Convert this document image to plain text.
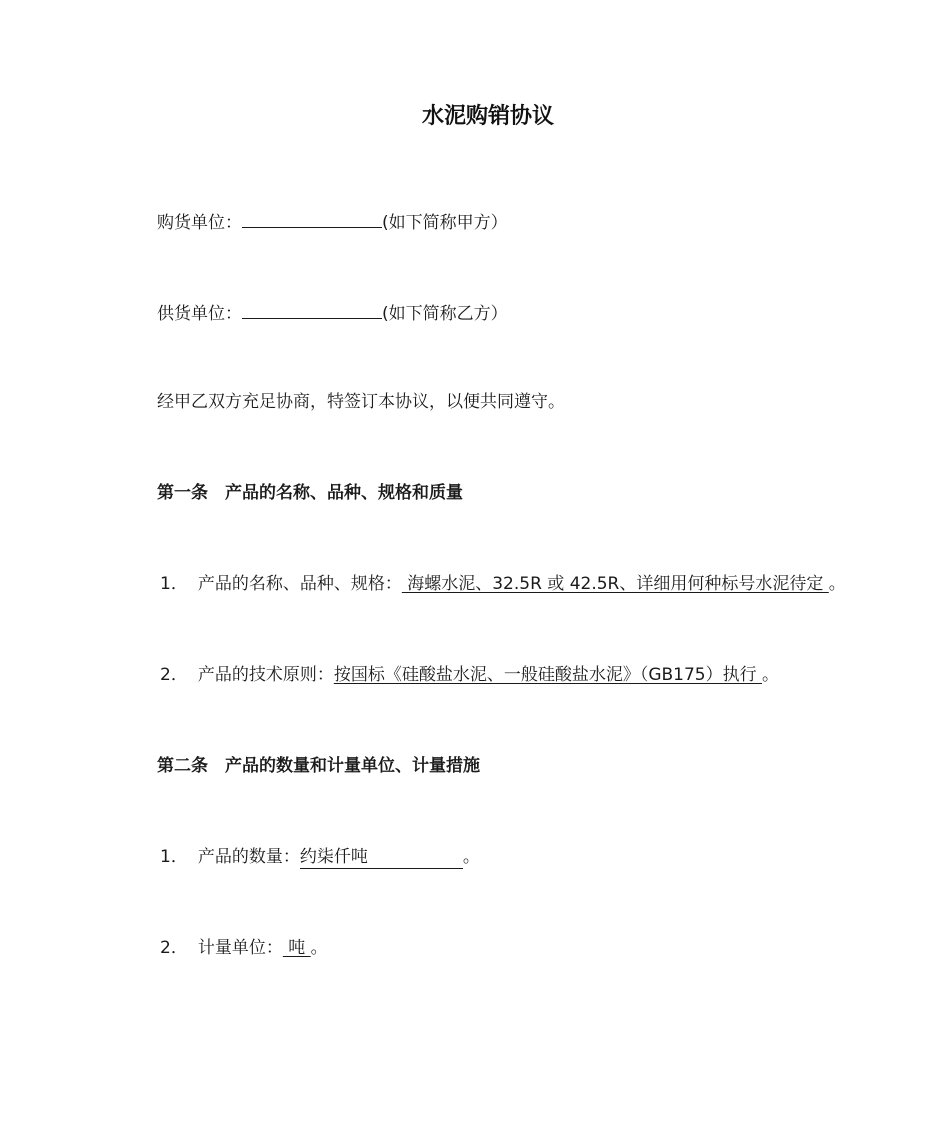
水泥购销协议
购货单位：	(如下简称甲方）
供货单位：	(如下简称乙方）
经甲乙双方充足协商，特签订本协议，以便共同遵守。
第一条　产品的名称、品种、规格和质量
1． 产品的名称、品种、规格： 海螺水泥、32.5R 或 42.5R、详细用何种标号水泥待定 。
2． 产品的技术原则：按国标《硅酸盐水泥、一般硅酸盐水泥》（GB175）执行 。
第二条　产品的数量和计量单位、计量措施
1． 产品的数量：约柒仟吨	。
2． 计量单位： 吨 。
